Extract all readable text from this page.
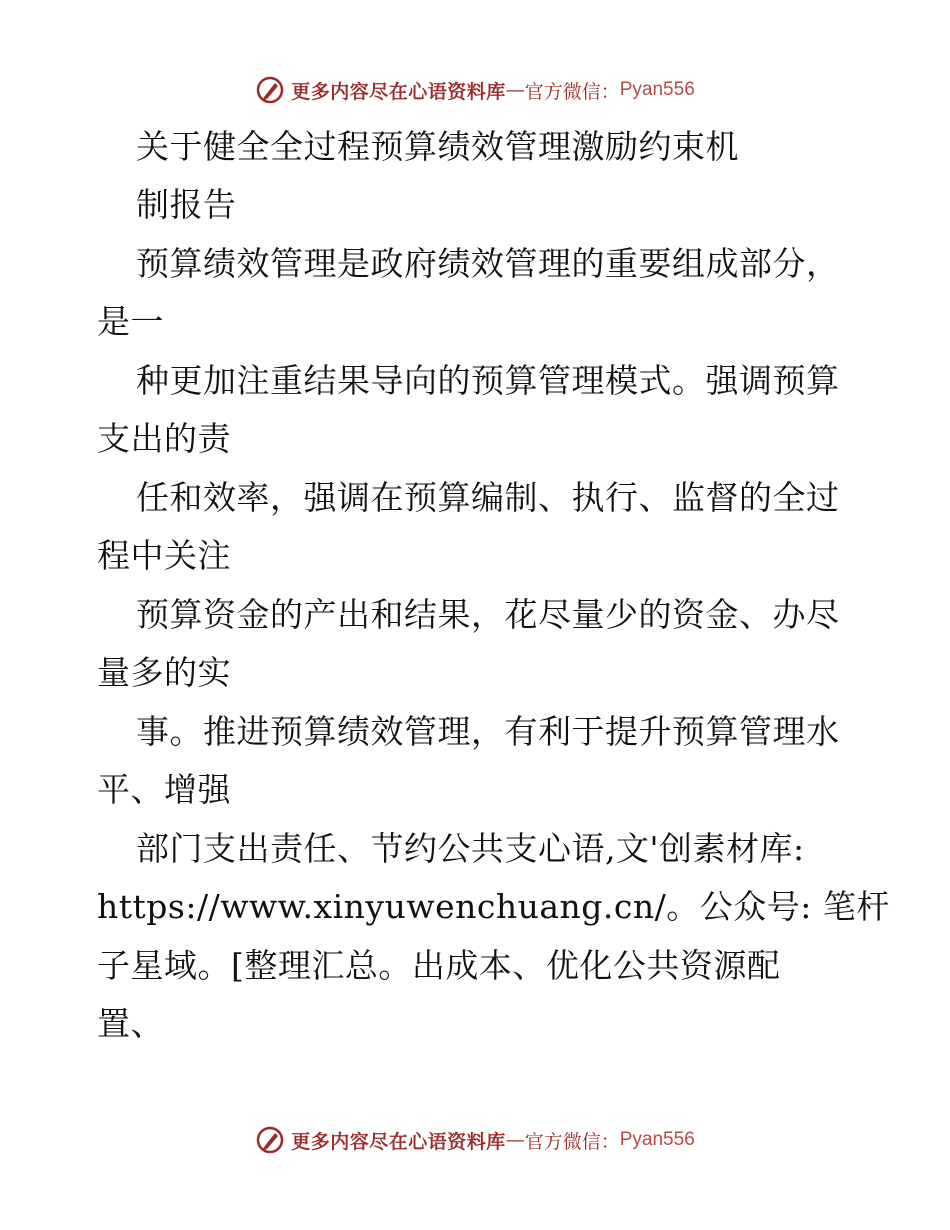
更多内容尽在心语资料库 — 官方微信： Pyan556
关于健全全过程预算绩效管理激励约束机
制报告
预算绩效管理是政府绩效管理的重要组成部分，
是一
种更加注重结果导向的预算管理模式。强调预算
支出的责
任和效率，强调在预算编制、执行、监督的全过
程中关注
预算资金的产出和结果，花尽量少的资金、办尽
量多的实
事。推进预算绩效管理，有利于提升预算管理水
平、增强
部门支出责任、节约公共支心语,文'创素材库:
https://www.xinyuwenchuang.cn/。公众号: 笔杆
子星域。[整理汇总。出成本、优化公共资源配
置、
更多内容尽在心语资料库 — 官方微信： Pyan556
